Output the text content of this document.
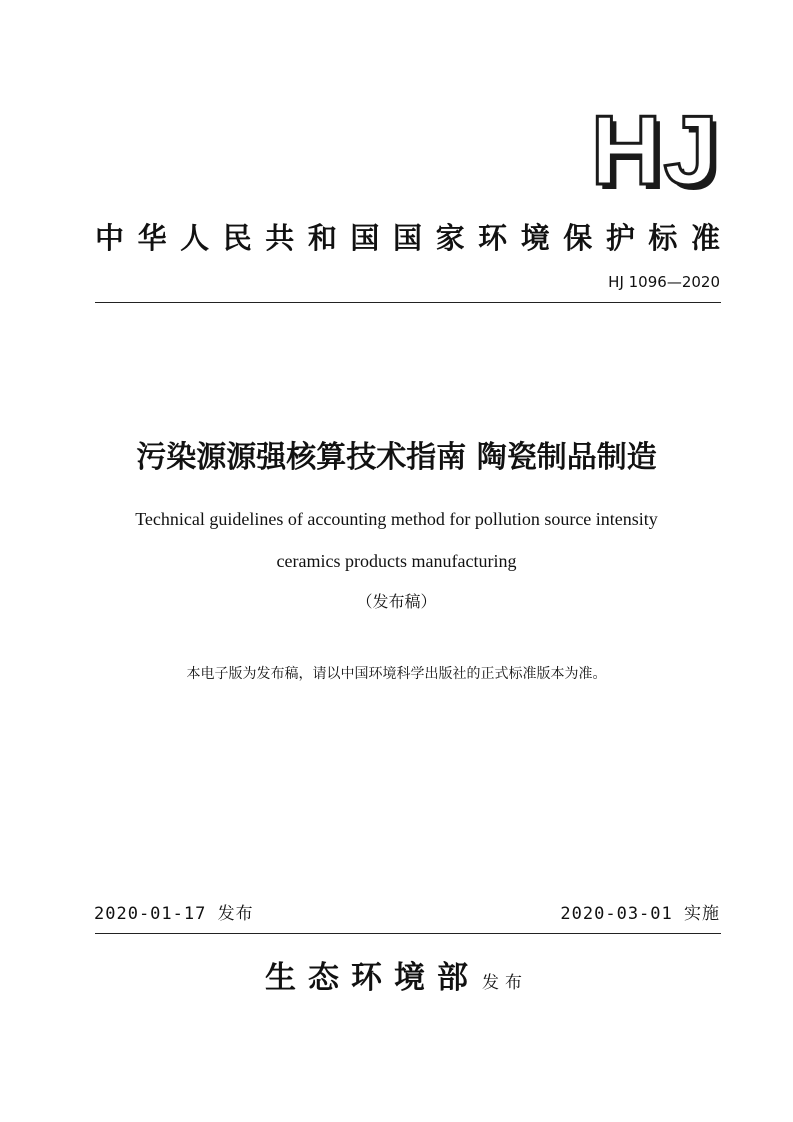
HJ
中华人民共和国国家环境保护标准
HJ 1096—2020
污染源源强核算技术指南 陶瓷制品制造

Technical guidelines of accounting method for pollution source intensity

ceramics products manufacturing

（发布稿）

本电子版为发布稿，请以中国环境科学出版社的正式标准版本为准。

2020-01-17 发布	2020-03-01 实施
生态环境部 发布
